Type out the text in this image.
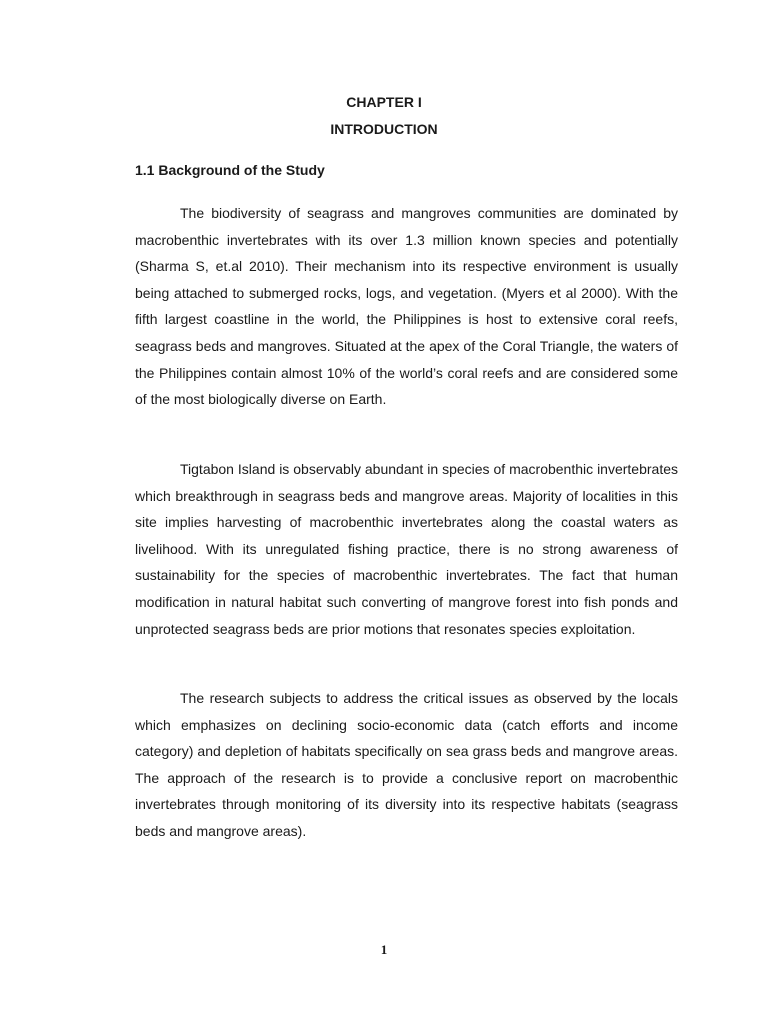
CHAPTER I

INTRODUCTION

1.1 Background of the Study

The biodiversity of seagrass and mangroves communities are dominated by macrobenthic invertebrates with its over 1.3 million known species and potentially (Sharma S, et.al 2010). Their mechanism into its respective environment is usually being attached to submerged rocks, logs, and vegetation. (Myers et al 2000). With the fifth largest coastline in the world, the Philippines is host to extensive coral reefs, seagrass beds and mangroves. Situated at the apex of the Coral Triangle, the waters of the Philippines contain almost 10% of the world’s coral reefs and are considered some of the most biologically diverse on Earth.

Tigtabon Island is observably abundant in species of macrobenthic invertebrates which breakthrough in seagrass beds and mangrove areas. Majority of localities in this site implies harvesting of macrobenthic invertebrates along the coastal waters as livelihood. With its unregulated fishing practice, there is no strong awareness of sustainability for the species of macrobenthic invertebrates. The fact that human modification in natural habitat such converting of mangrove forest into fish ponds and unprotected seagrass beds are prior motions that resonates species exploitation.

The research subjects to address the critical issues as observed by the locals which emphasizes on declining socio-economic data (catch efforts and income category) and depletion of habitats specifically on sea grass beds and mangrove areas. The approach of the research is to provide a conclusive report on macrobenthic invertebrates through monitoring of its diversity into its respective habitats (seagrass beds and mangrove areas).

1
